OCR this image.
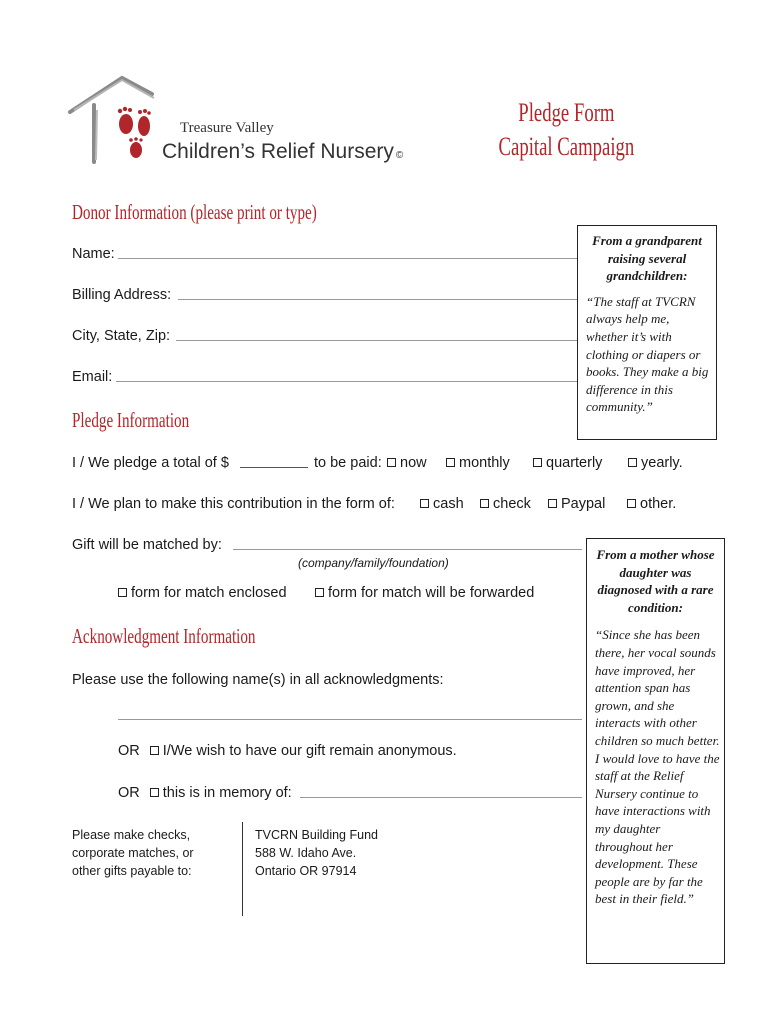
Treasure Valley
Children’s Relief Nursery ©
Pledge Form
Capital Campaign
Donor Information (please print or type)
Name:
Billing Address:
City, State, Zip:
Email:
From a grandparent raising several grandchildren:
“The staff at TVCRN always help me, whether it’s with clothing or diapers or books. They make a big difference in this community.”
Pledge Information
I / We pledge a total of $	to be paid:	now	monthly	quarterly	yearly.
I / We plan to make this contribution in the form of:	cash	check	Paypal	other.
Gift will be matched by:
(company/family/foundation)
form for match enclosed	form for match will be forwarded
From a mother whose daughter was diagnosed with a rare condition:
“Since she has been there, her vocal sounds have improved, her attention span has grown, and she interacts with other children so much better. I would love to have the staff at the Relief Nursery continue to have interactions with my daughter throughout her development. These people are by far the best in their field.”
Acknowledgment Information
Please use the following name(s) in all acknowledgments:
OR I/We wish to have our gift remain anonymous.
OR this is in memory of:
Please make checks,
corporate matches, or
other gifts payable to:
TVCRN Building Fund
588 W. Idaho Ave.
Ontario OR 97914
